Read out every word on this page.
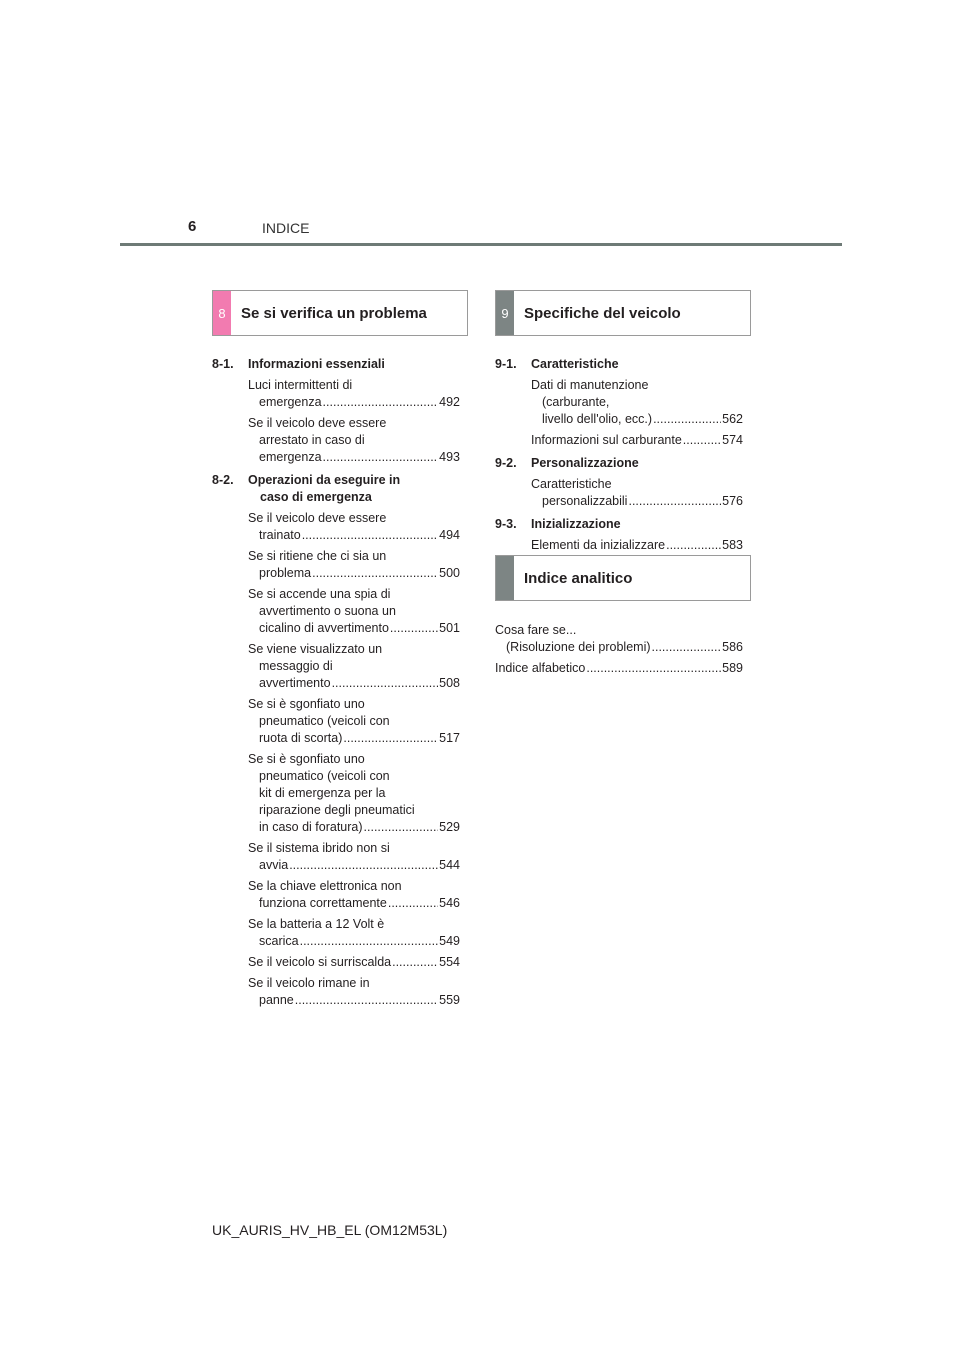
6	INDICE
8	Se si verifica un problema	9	Specifiche del veicolo
Indice analitico
8-1.	Informazioni essenziali
Luci intermittenti di
emergenza .....	492
Se il veicolo deve essere
arrestato in caso di
emergenza .....	493
8-2.	Operazioni da eseguire in
caso di emergenza
Se il veicolo deve essere
trainato .....	494
Se si ritiene che ci sia un
problema .....	500
Se si accende una spia di
avvertimento o suona un
cicalino di avvertimento .....	501
Se viene visualizzato un
messaggio di
avvertimento .....	508
Se si è sgonfiato uno
pneumatico (veicoli con
ruota di scorta) .....	517
Se si è sgonfiato uno
pneumatico (veicoli con
kit di emergenza per la
riparazione degli pneumatici
in caso di foratura) .....	529
Se il sistema ibrido non si
avvia .....	544
Se la chiave elettronica non
funziona correttamente .....	546
Se la batteria a 12 Volt è
scarica .....	549
Se il veicolo si surriscalda .....	554
Se il veicolo rimane in
panne .....	559
9-1.	Caratteristiche
Dati di manutenzione
(carburante,
livello dell'olio, ecc.) .....	562
Informazioni sul carburante .....	574
9-2.	Personalizzazione
Caratteristiche
personalizzabili .....	576
9-3.	Inizializzazione
Elementi da inizializzare .....	583
Cosa fare se...
(Risoluzione dei problemi) .....	586
Indice alfabetico .....	589
UK_AURIS_HV_HB_EL (OM12M53L)
